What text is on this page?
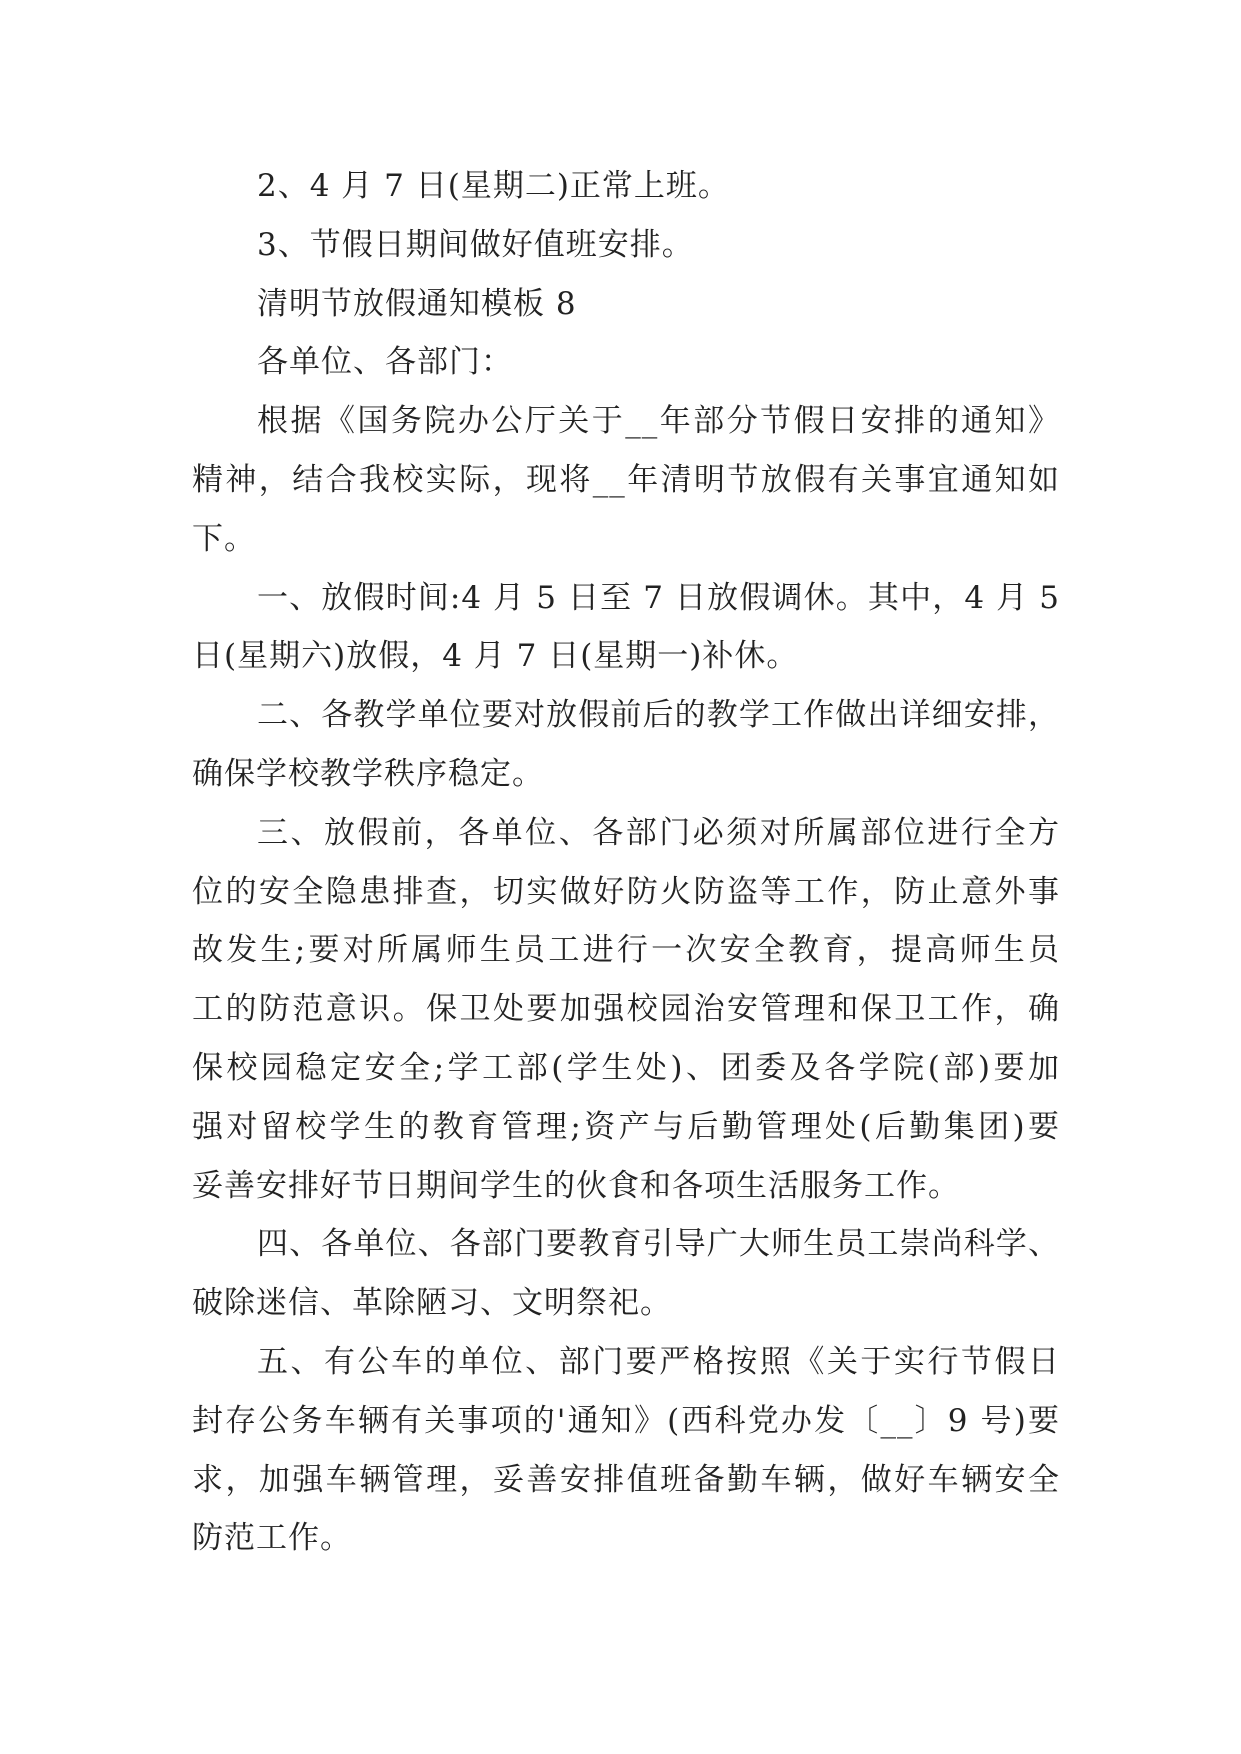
2、4 月 7 日(星期二)正常上班。
3、节假日期间做好值班安排。
清明节放假通知模板 8
各单位、各部门：
根据《国务院办公厅关于__年部分节假日安排的通知》
精神，结合我校实际，现将__年清明节放假有关事宜通知如
下。
一、放假时间:4 月 5 日至 7 日放假调休。其中，4 月 5
日(星期六)放假，4 月 7 日(星期一)补休。
二、各教学单位要对放假前后的教学工作做出详细安排，
确保学校教学秩序稳定。
三、放假前，各单位、各部门必须对所属部位进行全方
位的安全隐患排查，切实做好防火防盗等工作，防止意外事
故发生;要对所属师生员工进行一次安全教育，提高师生员
工的防范意识。保卫处要加强校园治安管理和保卫工作，确
保校园稳定安全;学工部(学生处)、团委及各学院(部)要加
强对留校学生的教育管理;资产与后勤管理处(后勤集团)要
妥善安排好节日期间学生的伙食和各项生活服务工作。
四、各单位、各部门要教育引导广大师生员工崇尚科学、
破除迷信、革除陋习、文明祭祀。
五、有公车的单位、部门要严格按照《关于实行节假日
封存公务车辆有关事项的'通知》(西科党办发〔__〕9 号)要
求，加强车辆管理，妥善安排值班备勤车辆，做好车辆安全
防范工作。
